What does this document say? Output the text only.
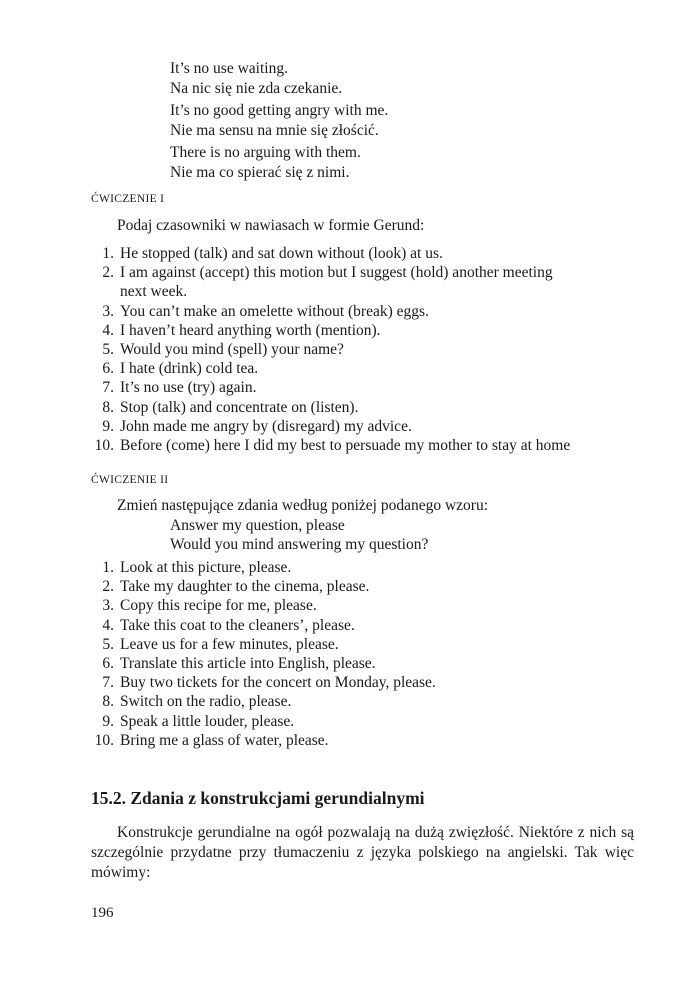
It’s no use waiting.
Na nic się nie zda czekanie.
It’s no good getting angry with me.
Nie ma sensu na mnie się złościć.
There is no arguing with them.
Nie ma co spierać się z nimi.
ĆWICZENIE I
Podaj czasowniki w nawiasach w formie Gerund:
1. He stopped (talk) and sat down without (look) at us.
2. I am against (accept) this motion but I suggest (hold) another meeting
next week.
3. You can’t make an omelette without (break) eggs.
4. I haven’t heard anything worth (mention).
5. Would you mind (spell) your name?
6. I hate (drink) cold tea.
7. It’s no use (try) again.
8. Stop (talk) and concentrate on (listen).
9. John made me angry by (disregard) my advice.
10. Before (come) here I did my best to persuade my mother to stay at home
ĆWICZENIE II
Zmień następujące zdania według poniżej podanego wzoru:
Answer my question, please
Would you mind answering my question?
1. Look at this picture, please.
2. Take my daughter to the cinema, please.
3. Copy this recipe for me, please.
4. Take this coat to the cleaners’, please.
5. Leave us for a few minutes, please.
6. Translate this article into English, please.
7. Buy two tickets for the concert on Monday, please.
8. Switch on the radio, please.
9. Speak a little louder, please.
10. Bring me a glass of water, please.
15.2. Zdania z konstrukcjami gerundialnymi

Konstrukcje gerundialne na ogół pozwalają na dużą zwięzłość. Niektóre z nich są szczególnie przydatne przy tłumaczeniu z języka polskiego na angielski. Tak więc mówimy:

196
